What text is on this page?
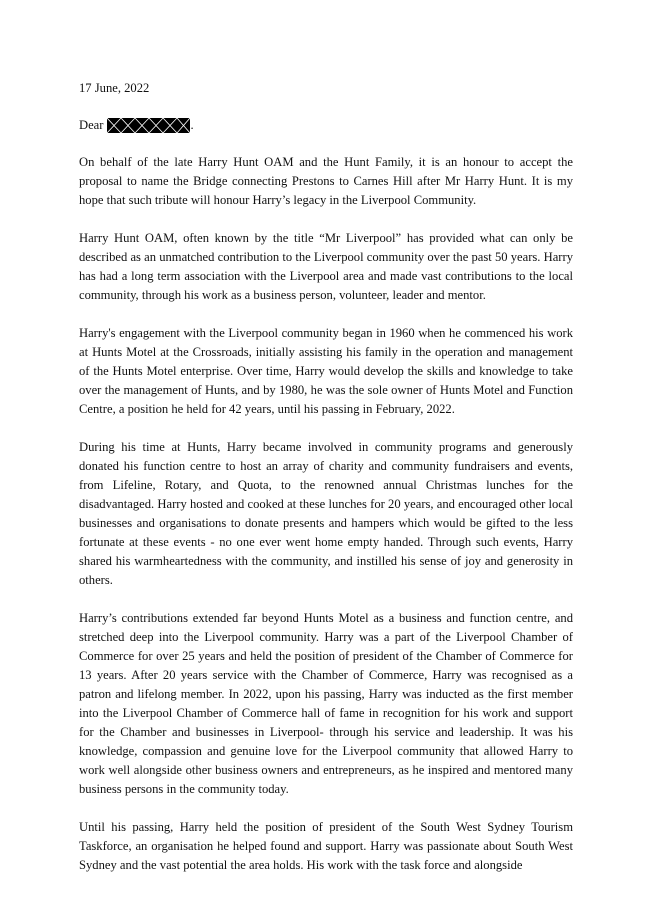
17 June, 2022

Dear	.

On behalf of the late Harry Hunt OAM and the Hunt Family, it is an honour to accept the proposal to name the Bridge connecting Prestons to Carnes Hill after Mr Harry Hunt. It is my hope that such tribute will honour Harry’s legacy in the Liverpool Community.

Harry Hunt OAM, often known by the title “Mr Liverpool” has provided what can only be described as an unmatched contribution to the Liverpool community over the past 50 years. Harry has had a long term association with the Liverpool area and made vast contributions to the local community, through his work as a business person, volunteer, leader and mentor.

Harry's engagement with the Liverpool community began in 1960 when he commenced his work at Hunts Motel at the Crossroads, initially assisting his family in the operation and management of the Hunts Motel enterprise. Over time, Harry would develop the skills and knowledge to take over the management of Hunts, and by 1980, he was the sole owner of Hunts Motel and Function Centre, a position he held for 42 years, until his passing in February, 2022.

During his time at Hunts, Harry became involved in community programs and generously donated his function centre to host an array of charity and community fundraisers and events, from Lifeline, Rotary, and Quota, to the renowned annual Christmas lunches for the disadvantaged. Harry hosted and cooked at these lunches for 20 years, and encouraged other local businesses and organisations to donate presents and hampers which would be gifted to the less fortunate at these events - no one ever went home empty handed. Through such events, Harry shared his warmheartedness with the community, and instilled his sense of joy and generosity in others.

Harry’s contributions extended far beyond Hunts Motel as a business and function centre, and stretched deep into the Liverpool community. Harry was a part of the Liverpool Chamber of Commerce for over 25 years and held the position of president of the Chamber of Commerce for 13 years. After 20 years service with the Chamber of Commerce, Harry was recognised as a patron and lifelong member. In 2022, upon his passing, Harry was inducted as the first member into the Liverpool Chamber of Commerce hall of fame in recognition for his work and support for the Chamber and businesses in Liverpool- through his service and leadership. It was his knowledge, compassion and genuine love for the Liverpool community that allowed Harry to work well alongside other business owners and entrepreneurs, as he inspired and mentored many business persons in the community today.

Until his passing, Harry held the position of president of the South West Sydney Tourism Taskforce, an organisation he helped found and support. Harry was passionate about South West Sydney and the vast potential the area holds. His work with the task force and alongside
